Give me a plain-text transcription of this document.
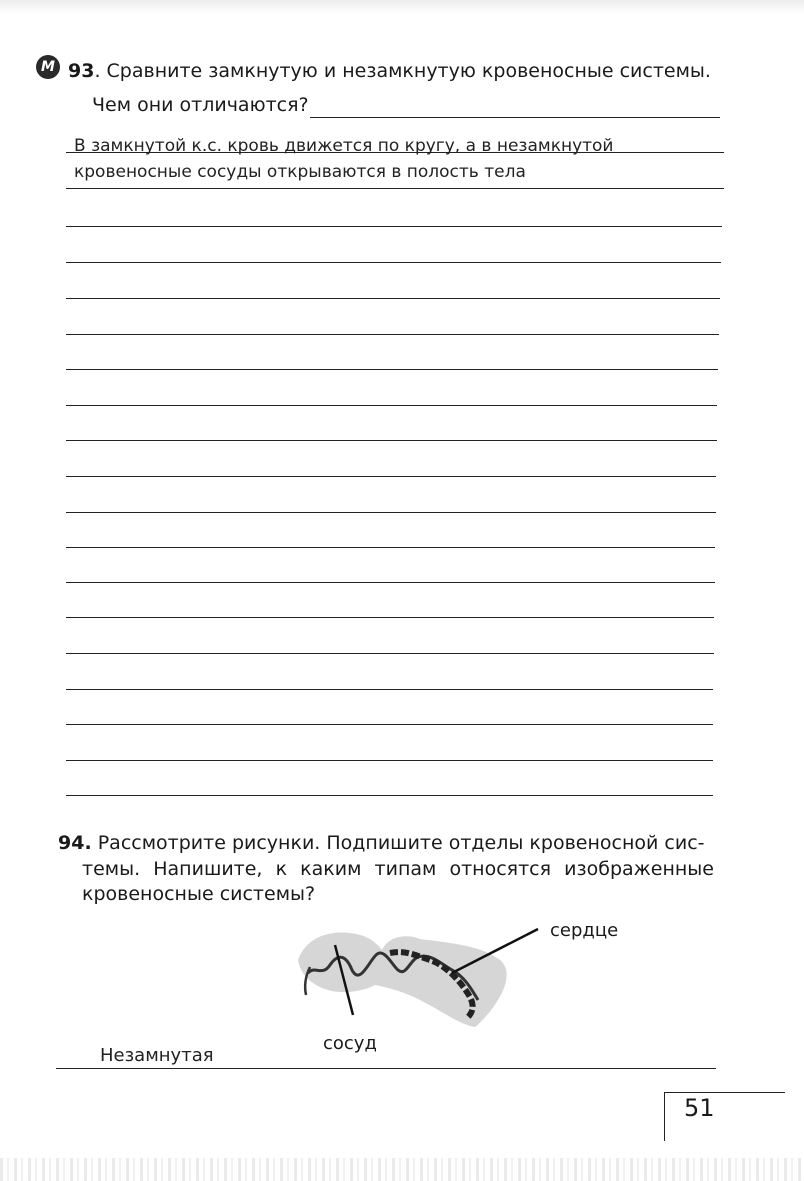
М 93. Сравните замкнутую и незамкнутую кровеносные системы.
Чем они отличаются?
В замкнутой к.с. кровь движется по кругу, а в незамкнутой
кровеносные сосуды открываются в полость тела
94. Рассмотрите рисунки. Подпишите отделы кровеносной сис-
темы. Напишите, к каким типам относятся изображенные
кровеносные системы?
сердце
сосуд
Незамнутая
51
